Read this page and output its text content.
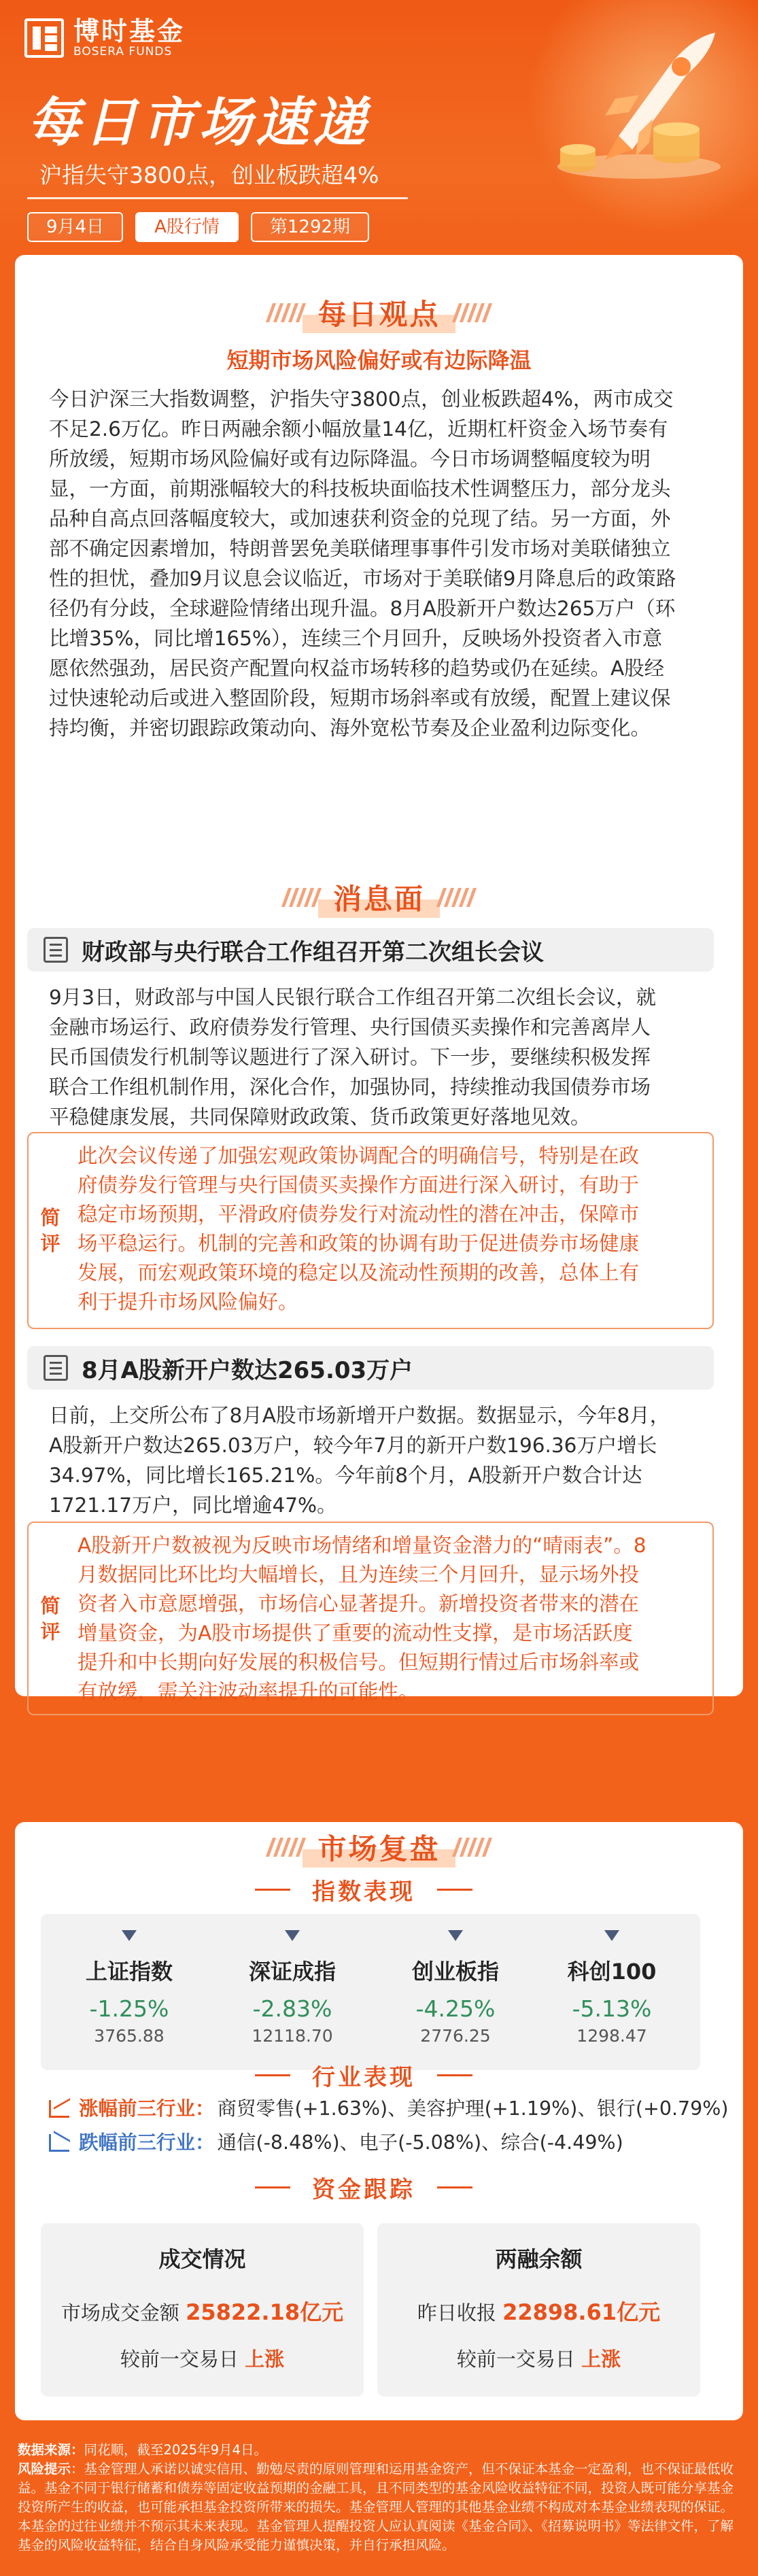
博时基金
BOSERA FUNDS
每日市场速递
沪指失守3800点，创业板跌超4%
9月4日	A股行情	第1292期
每日观点
短期市场风险偏好或有边际降温
今日沪深三大指数调整，沪指失守3800点，创业板跌超4%，两市成交
不足2.6万亿。昨日两融余额小幅放量14亿，近期杠杆资金入场节奏有
所放缓，短期市场风险偏好或有边际降温。今日市场调整幅度较为明
显，一方面，前期涨幅较大的科技板块面临技术性调整压力，部分龙头
品种自高点回落幅度较大，或加速获利资金的兑现了结。另一方面，外
部不确定因素增加，特朗普罢免美联储理事事件引发市场对美联储独立
性的担忧，叠加9月议息会议临近，市场对于美联储9月降息后的政策路
径仍有分歧，全球避险情绪出现升温。8月A股新开户数达265万户（环
比增35%，同比增165%），连续三个月回升，反映场外投资者入市意
愿依然强劲，居民资产配置向权益市场转移的趋势或仍在延续。A股经
过快速轮动后或进入整固阶段，短期市场斜率或有放缓，配置上建议保
持均衡，并密切跟踪政策动向、海外宽松节奏及企业盈利边际变化。
消息面
财政部与央行联合工作组召开第二次组长会议
9月3日，财政部与中国人民银行联合工作组召开第二次组长会议，就
金融市场运行、政府债券发行管理、央行国债买卖操作和完善离岸人
民币国债发行机制等议题进行了深入研讨。下一步，要继续积极发挥
联合工作组机制作用，深化合作，加强协同，持续推动我国债券市场
平稳健康发展，共同保障财政政策、货币政策更好落地见效。
简
评
此次会议传递了加强宏观政策协调配合的明确信号，特别是在政
府债券发行管理与央行国债买卖操作方面进行深入研讨，有助于
稳定市场预期，平滑政府债券发行对流动性的潜在冲击，保障市
场平稳运行。机制的完善和政策的协调有助于促进债券市场健康
发展，而宏观政策环境的稳定以及流动性预期的改善，总体上有
利于提升市场风险偏好。
8月A股新开户数达265.03万户
日前，上交所公布了8月A股市场新增开户数据。数据显示，今年8月，
A股新开户数达265.03万户，较今年7月的新开户数196.36万户增长
34.97%，同比增长165.21%。今年前8个月，A股新开户数合计达
1721.17万户，同比增逾47%。
简
评
A股新开户数被视为反映市场情绪和增量资金潜力的“晴雨表”。8
月数据同比环比均大幅增长，且为连续三个月回升，显示场外投
资者入市意愿增强，市场信心显著提升。新增投资者带来的潜在
增量资金，为A股市场提供了重要的流动性支撑，是市场活跃度
提升和中长期向好发展的积极信号。但短期行情过后市场斜率或
有放缓，需关注波动率提升的可能性。
市场复盘
指数表现
上证指数
-1.25%
3765.88
深证成指
-2.83%
12118.70
创业板指
-4.25%
2776.25
科创100
-5.13%
1298.47
行业表现
涨幅前三行业： 商贸零售(+1.63%)、美容护理(+1.19%)、银行(+0.79%)
跌幅前三行业： 通信(-8.48%)、电子(-5.08%)、综合(-4.49%)
资金跟踪
成交情况
市场成交金额 25822.18亿元
较前一交易日 上涨
两融余额
昨日收报 22898.61亿元
较前一交易日 上涨
数据来源：同花顺，截至2025年9月4日。
风险提示：基金管理人承诺以诚实信用、勤勉尽责的原则管理和运用基金资产，但不保证本基金一定盈利，也不保证最低收益。基金不同于银行储蓄和债券等固定收益预期的金融工具，且不同类型的基金风险收益特征不同，投资人既可能分享基金投资所产生的收益，也可能承担基金投资所带来的损失。基金管理人管理的其他基金业绩不构成对本基金业绩表现的保证。本基金的过往业绩并不预示其未来表现。基金管理人提醒投资人应认真阅读《基金合同》、《招募说明书》等法律文件，了解基金的风险收益特征，结合自身风险承受能力谨慎决策，并自行承担风险。
